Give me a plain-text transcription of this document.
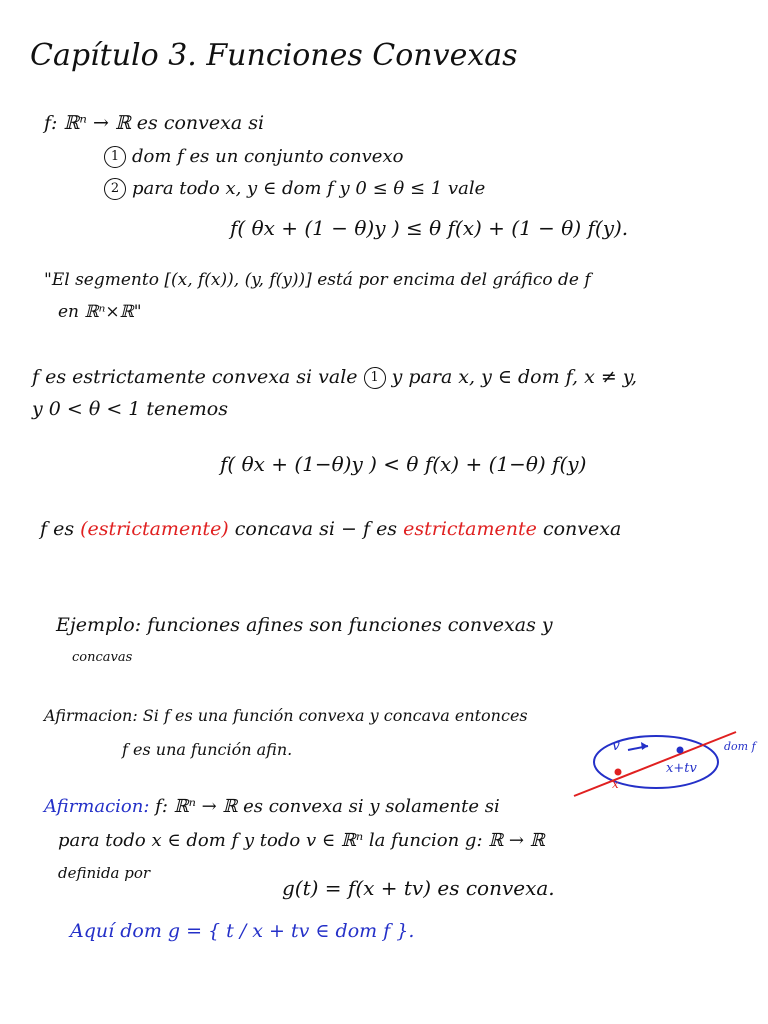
Capítulo 3. Funciones Convexas
f: ℝⁿ → ℝ es convexa si
1 dom f es un conjunto convexo
2 para todo x, y ∈ dom f y 0 ≤ θ ≤ 1 vale
f( θx + (1 − θ)y ) ≤ θ f(x) + (1 − θ) f(y).
"El segmento [(x, f(x)), (y, f(y))] está por encima del gráfico de f
en ℝⁿ×ℝ"
f es estrictamente convexa si vale 1 y para x, y ∈ dom f, x ≠ y,
y 0 < θ < 1 tenemos
f( θx + (1−θ)y ) < θ f(x) + (1−θ) f(y)
f es (estrictamente) concava si − f es estrictamente convexa
Ejemplo: funciones afines son funciones convexas y
concavas
Afirmacion: Si f es una función convexa y concava entonces
f es una función afin.	v
x
x+tv
dom f
Afirmacion: f: ℝⁿ → ℝ es convexa si y solamente si
para todo x ∈ dom f y todo v ∈ ℝⁿ la funcion g: ℝ → ℝ
definida por
g(t) = f(x + tv) es convexa.
Aquí dom g = { t / x + tv ∈ dom f }.
